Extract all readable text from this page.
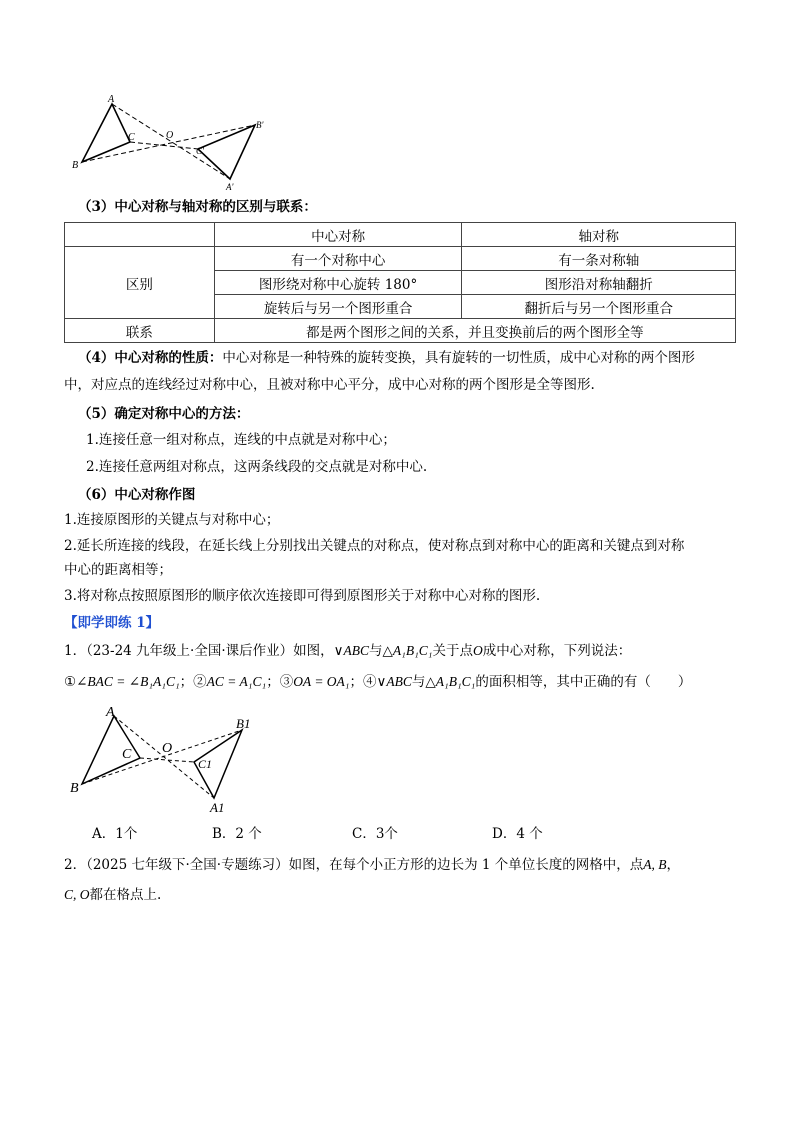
A
B
C	O
B'
C'
A'
（3）中心对称与轴对称的区别与联系：
	中心对称	轴对称
区别	有一个对称中心	有一条对称轴
	图形绕对称中心旋转 180°	图形沿对称轴翻折
	旋转后与另一个图形重合	翻折后与另一个图形重合
联系	都是两个图形之间的关系，并且变换前后的两个图形全等	
（4）中心对称的性质：中心对称是一种特殊的旋转变换，具有旋转的一切性质，成中心对称的两个图形
中，对应点的连线经过对称中心，且被对称中心平分，成中心对称的两个图形是全等图形.
（5）确定对称中心的方法：
1.连接任意一组对称点，连线的中点就是对称中心；
2.连接任意两组对称点，这两条线段的交点就是对称中心.
（6）中心对称作图
1.连接原图形的关键点与对称中心；
2.延长所连接的线段，在延长线上分别找出关键点的对称点，使对称点到对称中心的距离和关键点到对称
中心的距离相等；
3.将对称点按照原图形的顺序依次连接即可得到原图形关于对称中心对称的图形.
【即学即练 1】
1．（23-24 九年级上·全国·课后作业）如图，∨ABC与△A₁B₁C₁关于点O成中心对称，下列说法：
①∠BAC = ∠B₁A₁C₁；②AC = A₁C₁；③OA = OA₁；④∨ABC与△A₁B₁C₁的面积相等，其中正确的有（　　）
A
B
C O
B1
C1
A1
A．1个	B．2 个	C．3个	D．4 个
2．（2025 七年级下·全国·专题练习）如图，在每个小正方形的边长为 1 个单位长度的网格中，点A, B，
C, O都在格点上.
